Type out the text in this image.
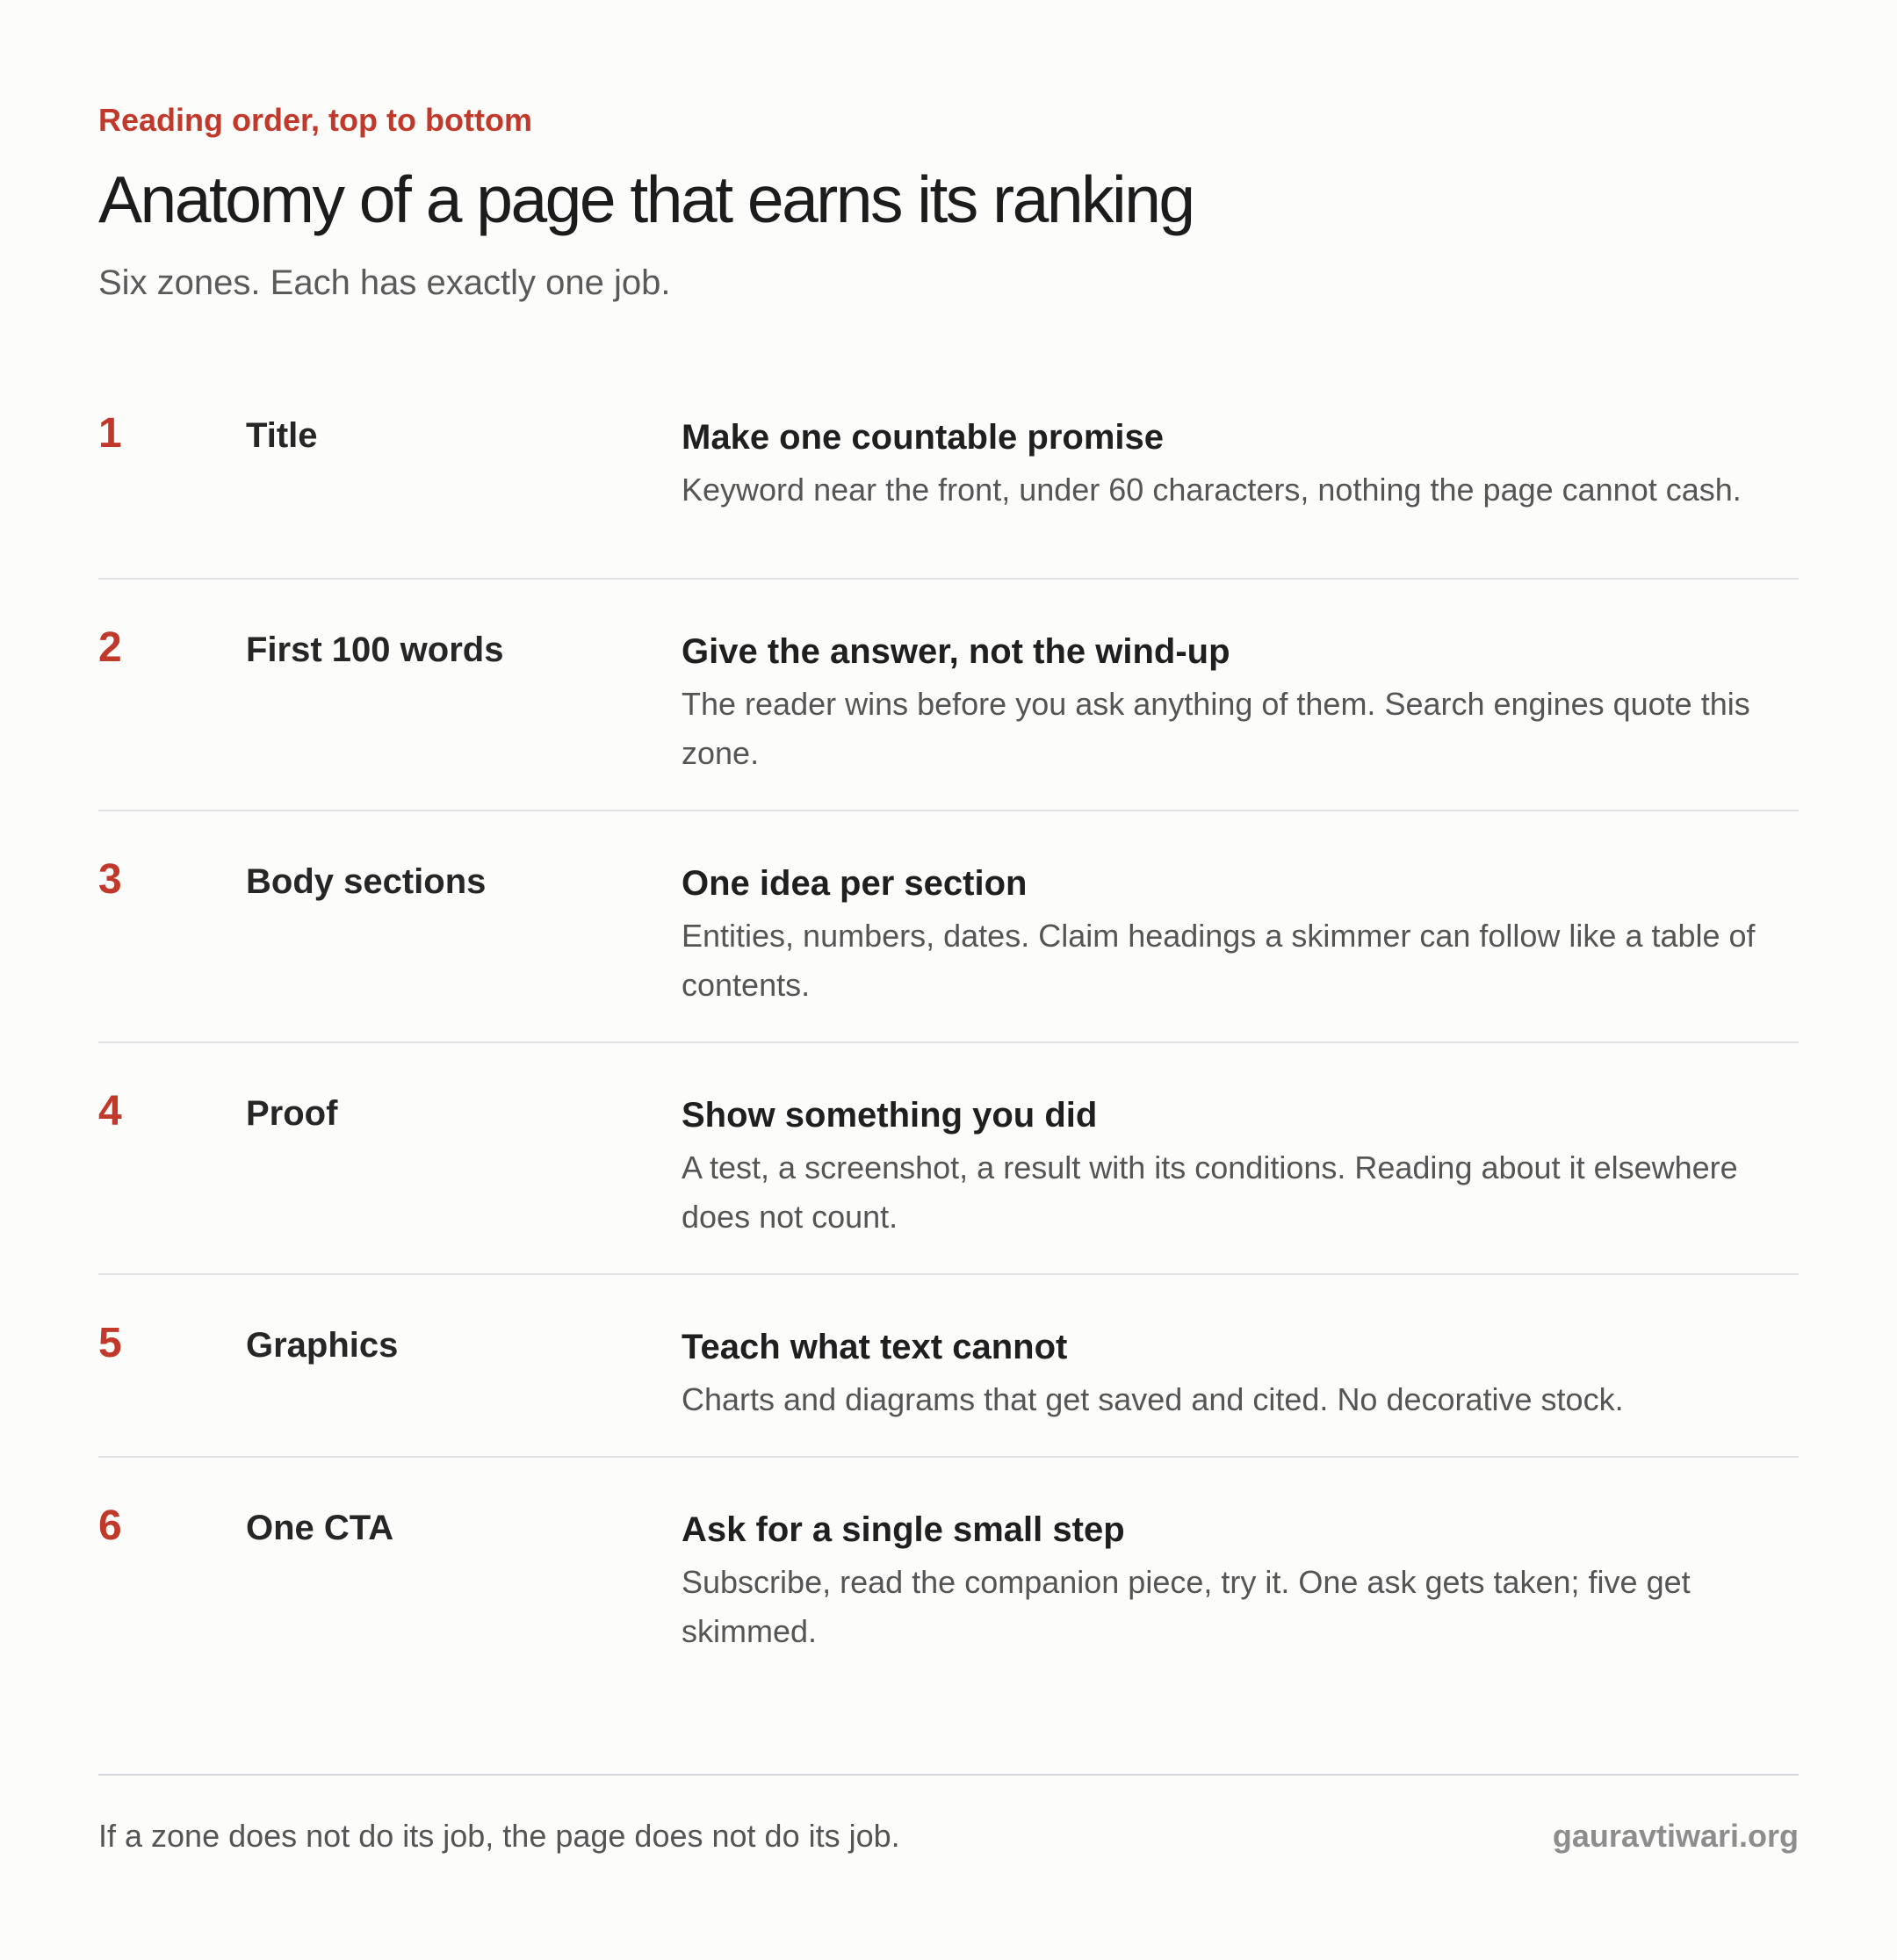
Reading order, top to bottom
Anatomy of a page that earns its ranking
Six zones. Each has exactly one job.
1	Title	Make one countable promise
Keyword near the front, under 60 characters, nothing the page cannot cash.
2	First 100 words	Give the answer, not the wind-up
The reader wins before you ask anything of them. Search engines quote this zone.
3	Body sections	One idea per section
Entities, numbers, dates. Claim headings a skimmer can follow like a table of contents.
4	Proof	Show something you did
A test, a screenshot, a result with its conditions. Reading about it elsewhere does not count.
5	Graphics	Teach what text cannot
Charts and diagrams that get saved and cited. No decorative stock.
6	One CTA	Ask for a single small step
Subscribe, read the companion piece, try it. One ask gets taken; five get skimmed.
If a zone does not do its job, the page does not do its job.	gauravtiwari.org
